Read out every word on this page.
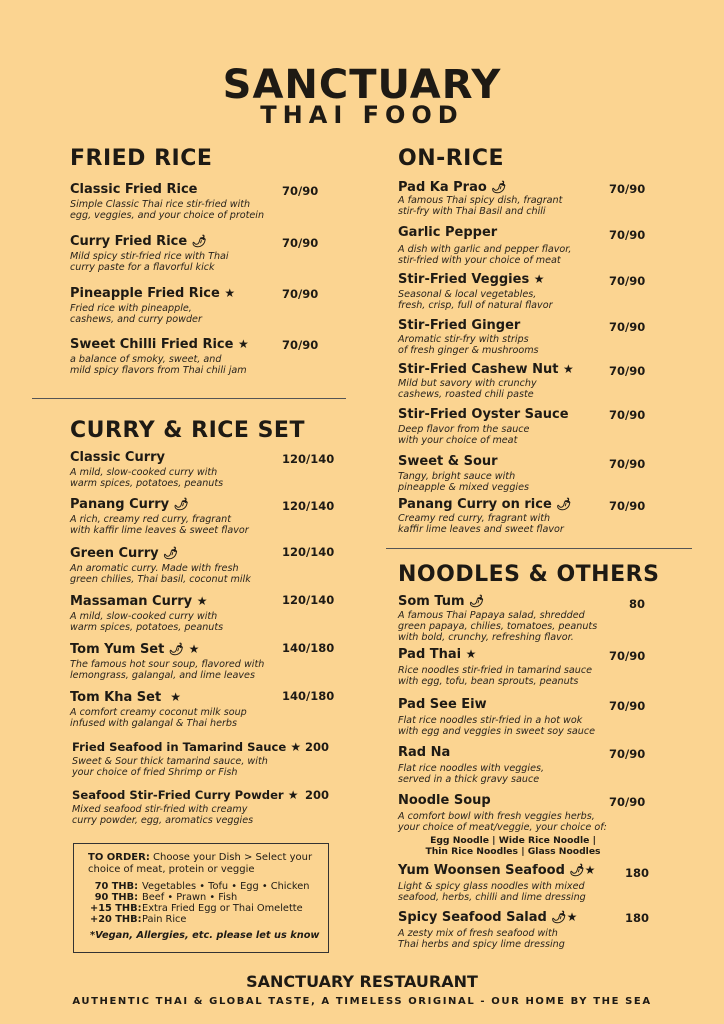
SANCTUARY
THAI FOOD
FRIED RICE
Classic Fried Rice
Simple Classic Thai rice stir-fried with
egg, veggies, and your choice of protein
70/90
Curry Fried Rice 🌶
Mild spicy stir-fried rice with Thai
curry paste for a flavorful kick
70/90
Pineapple Fried Rice ★
Fried rice with pineapple,
cashews, and curry powder
70/90
Sweet Chilli Fried Rice ★
a balance of smoky, sweet, and
mild spicy flavors from Thai chili jam
70/90
CURRY & RICE SET
Classic Curry
A mild, slow-cooked curry with
warm spices, potatoes, peanuts
120/140
Panang Curry 🌶
A rich, creamy red curry, fragrant
with kaffir lime leaves & sweet flavor
120/140
Green Curry 🌶
An aromatic curry. Made with fresh
green chilies, Thai basil, coconut milk
120/140
Massaman Curry ★
A mild, slow-cooked curry with
warm spices, potatoes, peanuts
120/140
Tom Yum Set 🌶 ★
The famous hot sour soup, flavored with
lemongrass, galangal, and lime leaves
140/180
Tom Kha Set ★
A comfort creamy coconut milk soup
infused with galangal & Thai herbs
140/180
Fried Seafood in Tamarind Sauce ★
Sweet & Sour thick tamarind sauce, with
your choice of fried Shrimp or Fish
200
Seafood Stir-Fried Curry Powder ★
Mixed seafood stir-fried with creamy
curry powder, egg, aromatics veggies
200
TO ORDER: Choose your Dish > Select your
choice of meat, protein or veggie
70 THB: Vegetables • Tofu • Egg • Chicken
90 THB: Beef • Prawn • Fish
+15 THB:Extra Fried Egg or Thai Omelette
+20 THB:Pain Rice
*Vegan, Allergies, etc. please let us know
ON-RICE
Pad Ka Prao 🌶
A famous Thai spicy dish, fragrant
stir-fry with Thai Basil and chili
70/90
Garlic Pepper
A dish with garlic and pepper flavor,
stir-fried with your choice of meat
70/90
Stir-Fried Veggies ★
Seasonal & local vegetables,
fresh, crisp, full of natural flavor
70/90
Stir-Fried Ginger
Aromatic stir-fry with strips
of fresh ginger & mushrooms
70/90
Stir-Fried Cashew Nut ★
Mild but savory with crunchy
cashews, roasted chili paste
70/90
Stir-Fried Oyster Sauce
Deep flavor from the sauce
with your choice of meat
70/90
Sweet & Sour
Tangy, bright sauce with
pineapple & mixed veggies
70/90
Panang Curry on rice 🌶
Creamy red curry, fragrant with
kaffir lime leaves and sweet flavor
70/90
NOODLES & OTHERS
Som Tum 🌶
A famous Thai Papaya salad, shredded
green papaya, chilies, tomatoes, peanuts
with bold, crunchy, refreshing flavor.
80
Pad Thai ★
Rice noodles stir-fried in tamarind sauce
with egg, tofu, bean sprouts, peanuts
70/90
Pad See Eiw
Flat rice noodles stir-fried in a hot wok
with egg and veggies in sweet soy sauce
70/90
Rad Na
Flat rice noodles with veggies,
served in a thick gravy sauce
70/90
Noodle Soup
A comfort bowl with fresh veggies herbs,
your choice of meat/veggie, your choice of:
Egg Noodle | Wide Rice Noodle |
Thin Rice Noodles | Glass Noodles
70/90
Yum Woonsen Seafood 🌶★
Light & spicy glass noodles with mixed
seafood, herbs, chilli and lime dressing
180
Spicy Seafood Salad 🌶★
A zesty mix of fresh seafood with
Thai herbs and spicy lime dressing
180
SANCTUARY RESTAURANT
AUTHENTIC THAI & GLOBAL TASTE, A TIMELESS ORIGINAL - OUR HOME BY THE SEA
